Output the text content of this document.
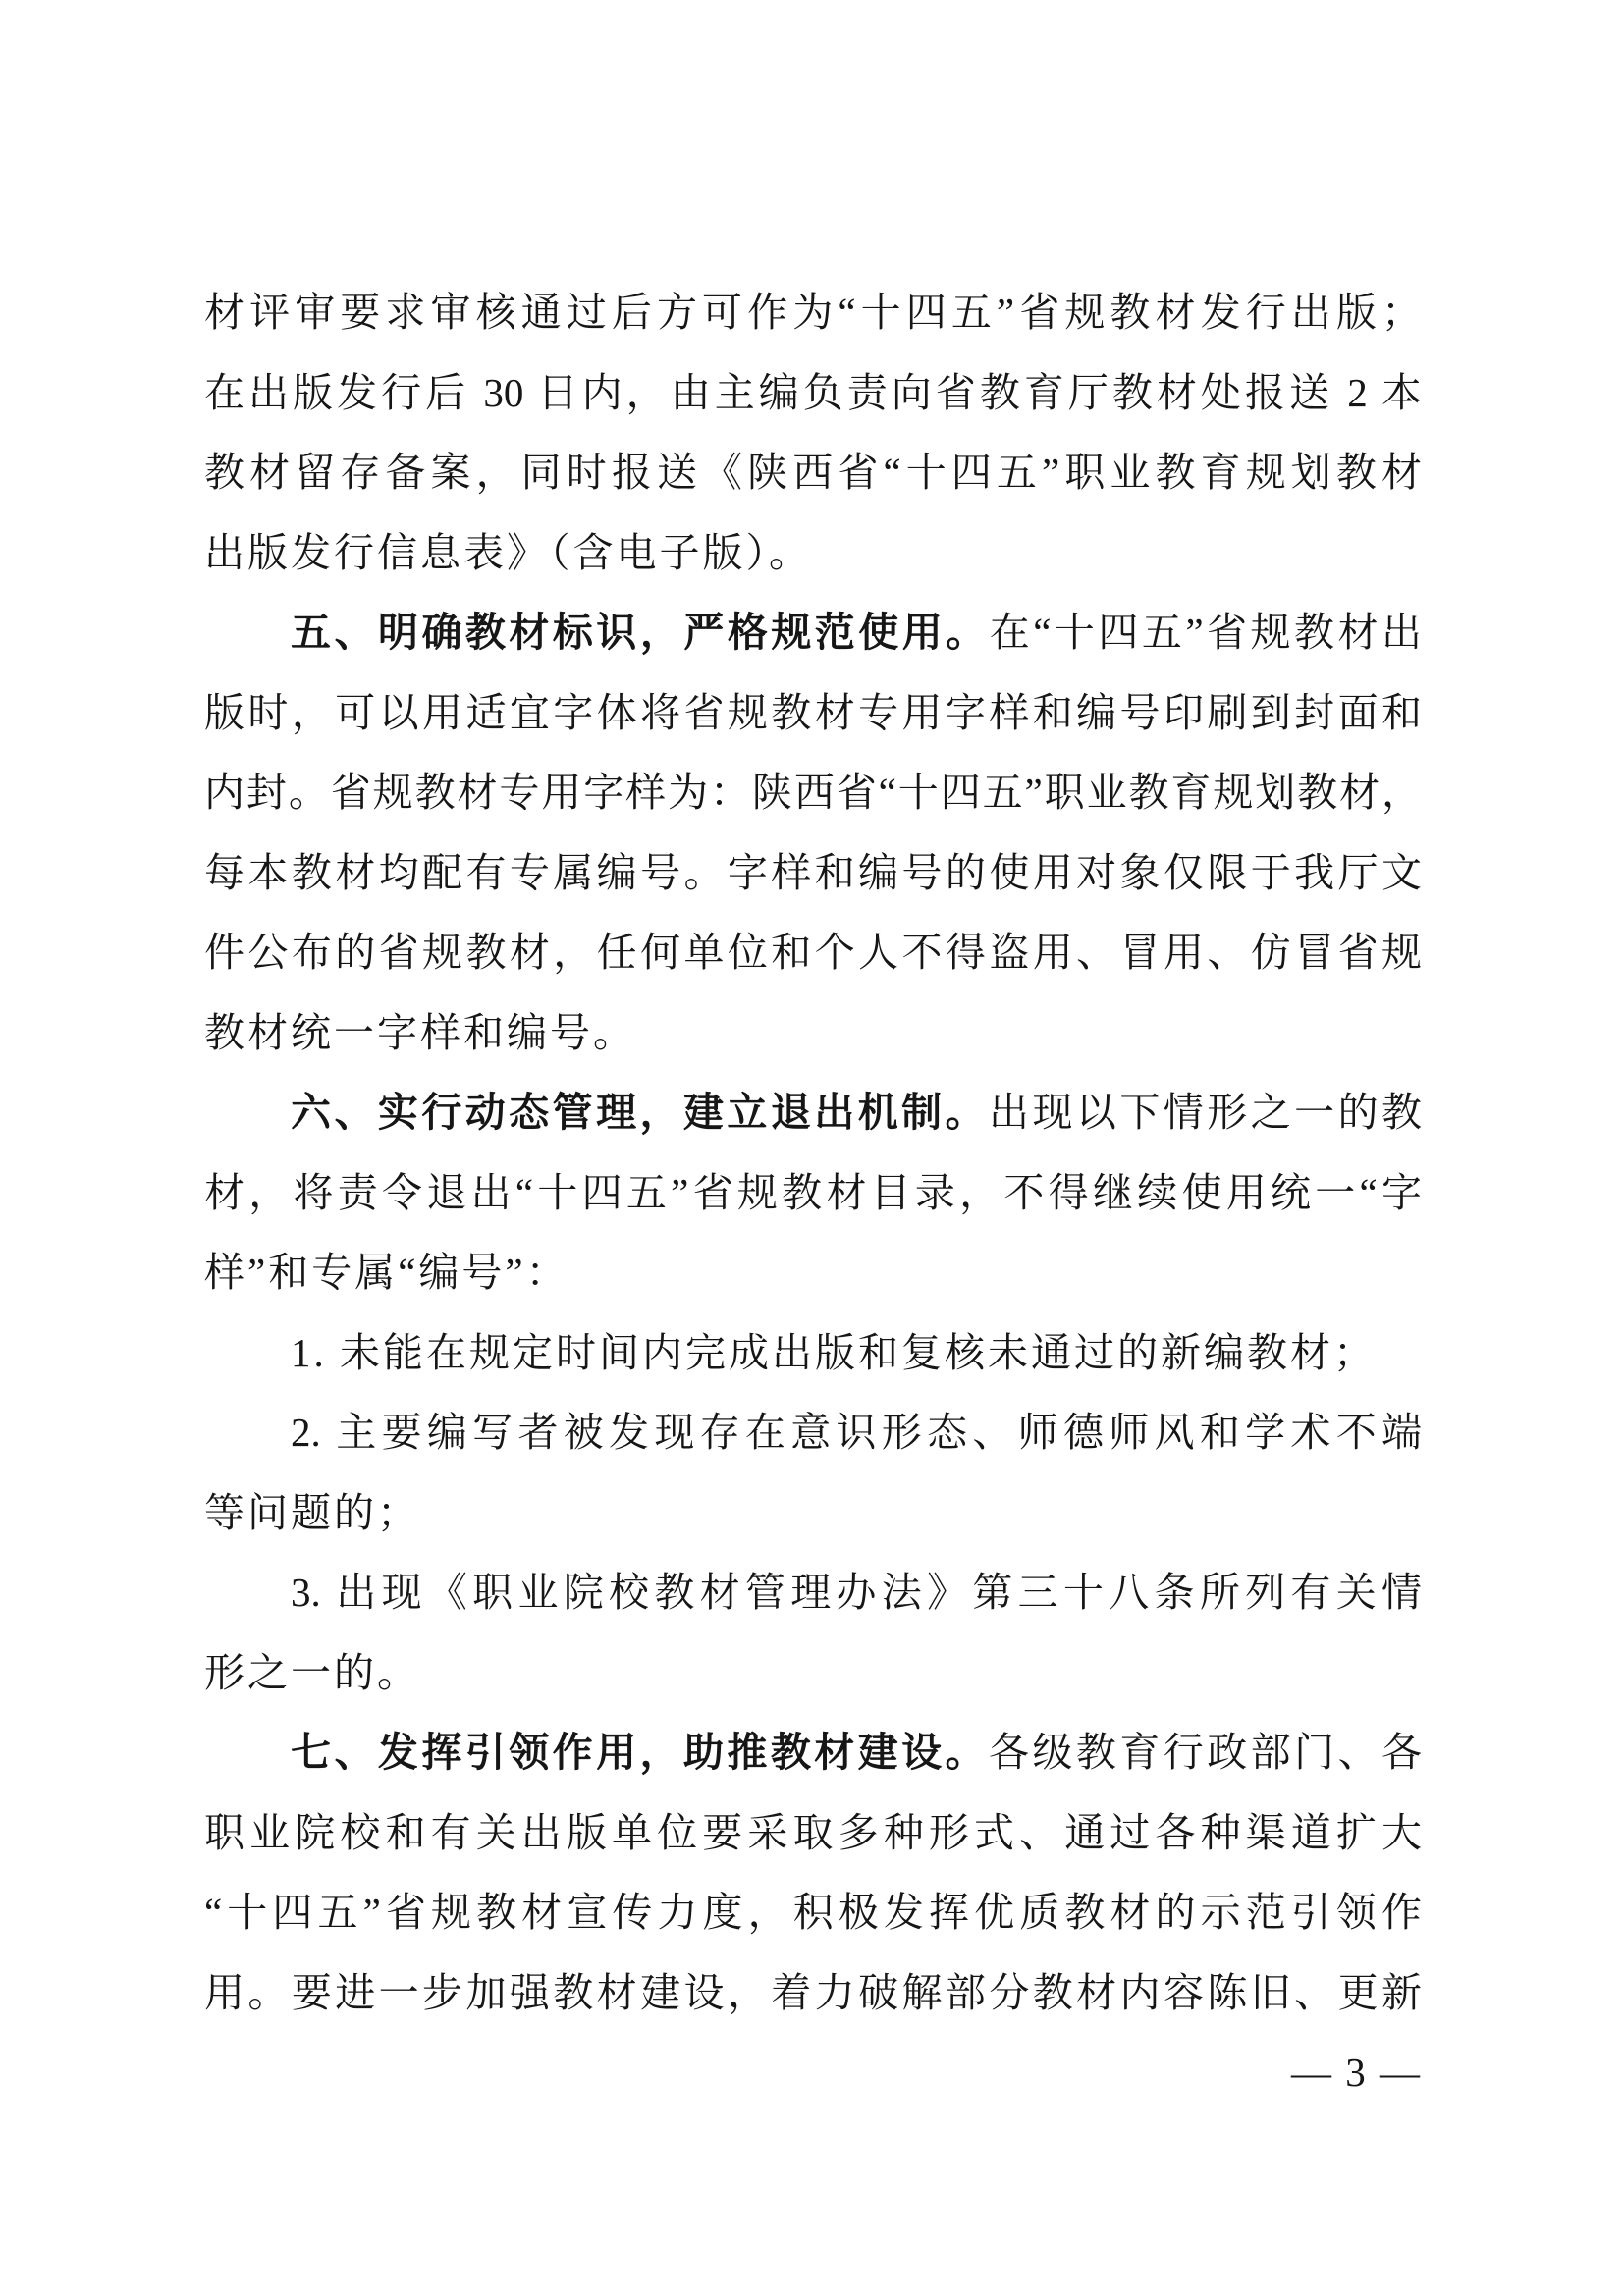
材评审要求审核通过后方可作为“十四五”省规教材发行出版；
在出版发行后 30 日内，由主编负责向省教育厅教材处报送 2 本
教材留存备案，同时报送《陕西省“十四五”职业教育规划教材
出版发行信息表》（含电子版）。
五、明确教材标识，严格规范使用。在“十四五”省规教材出
版时，可以用适宜字体将省规教材专用字样和编号印刷到封面和
内封。省规教材专用字样为：陕西省“十四五”职业教育规划教材，
每本教材均配有专属编号。字样和编号的使用对象仅限于我厅文
件公布的省规教材，任何单位和个人不得盗用、冒用、仿冒省规
教材统一字样和编号。
六、实行动态管理，建立退出机制。出现以下情形之一的教
材，将责令退出“十四五”省规教材目录，不得继续使用统一“字
样”和专属“编号”：
1. 未能在规定时间内完成出版和复核未通过的新编教材；
2. 主要编写者被发现存在意识形态、师德师风和学术不端
等问题的；
3. 出现《职业院校教材管理办法》第三十八条所列有关情
形之一的。
七、发挥引领作用，助推教材建设。各级教育行政部门、各
职业院校和有关出版单位要采取多种形式、通过各种渠道扩大
“十四五”省规教材宣传力度，积极发挥优质教材的示范引领作
用。要进一步加强教材建设，着力破解部分教材内容陈旧、更新
— 3 —
